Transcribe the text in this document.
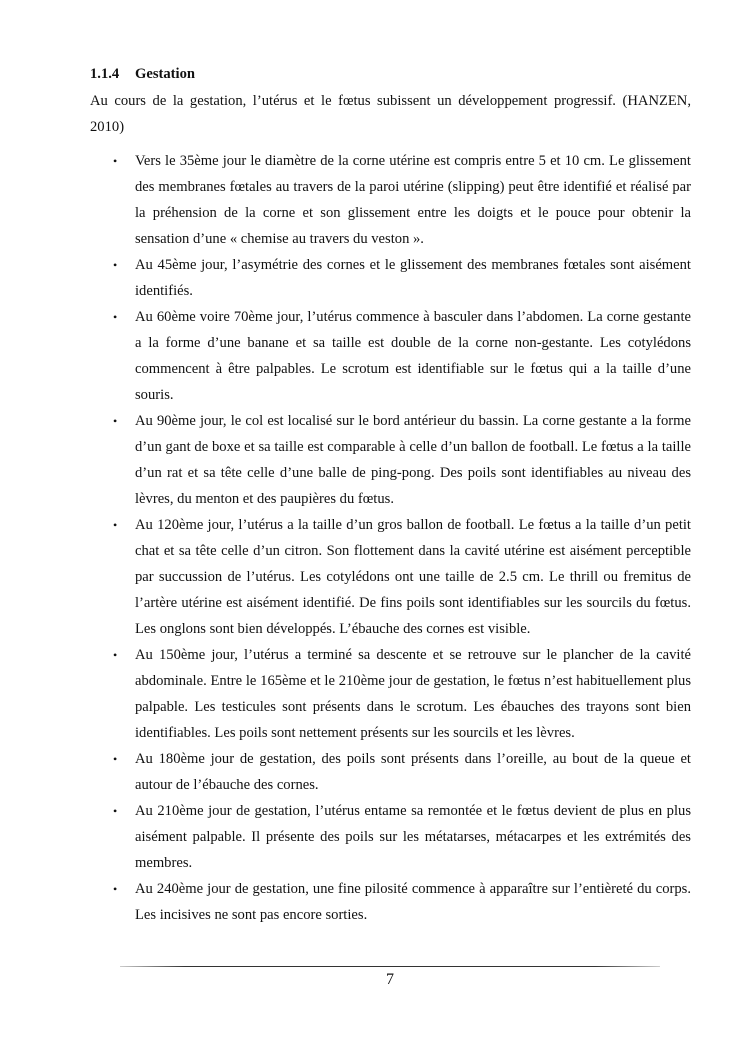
1.1.4	Gestation

Au cours de la gestation, l’utérus et le fœtus subissent un développement progressif. (HANZEN, 2010)

• Vers le 35ème jour le diamètre de la corne utérine est compris entre 5 et 10 cm. Le glissement des membranes fœtales au travers de la paroi utérine (slipping) peut être identifié et réalisé par la préhension de la corne et son glissement entre les doigts et le pouce pour obtenir la sensation d’une « chemise au travers du veston ».
• Au 45ème jour, l’asymétrie des cornes et le glissement des membranes fœtales sont aisément identifiés.
• Au 60ème voire 70ème jour, l’utérus commence à basculer dans l’abdomen. La corne gestante a la forme d’une banane et sa taille est double de la corne non-gestante. Les cotylédons commencent à être palpables. Le scrotum est identifiable sur le fœtus qui a la taille d’une souris.
• Au 90ème jour, le col est localisé sur le bord antérieur du bassin. La corne gestante a la forme d’un gant de boxe et sa taille est comparable à celle d’un ballon de football. Le fœtus a la taille d’un rat et sa tête celle d’une balle de ping-pong. Des poils sont identifiables au niveau des lèvres, du menton et des paupières du fœtus.
• Au 120ème jour, l’utérus a la taille d’un gros ballon de football. Le fœtus a la taille d’un petit chat et sa tête celle d’un citron. Son flottement dans la cavité utérine est aisément perceptible par succussion de l’utérus. Les cotylédons ont une taille de 2.5 cm. Le thrill ou fremitus de l’artère utérine est aisément identifié. De fins poils sont identifiables sur les sourcils du fœtus. Les onglons sont bien développés. L’ébauche des cornes est visible.
• Au 150ème jour, l’utérus a terminé sa descente et se retrouve sur le plancher de la cavité abdominale. Entre le 165ème et le 210ème jour de gestation, le fœtus n’est habituellement plus palpable. Les testicules sont présents dans le scrotum. Les ébauches des trayons sont bien identifiables. Les poils sont nettement présents sur les sourcils et les lèvres.
• Au 180ème jour de gestation, des poils sont présents dans l’oreille, au bout de la queue et autour de l’ébauche des cornes.
• Au 210ème jour de gestation, l’utérus entame sa remontée et le fœtus devient de plus en plus aisément palpable. Il présente des poils sur les métatarses, métacarpes et les extrémités des membres.
• Au 240ème jour de gestation, une fine pilosité commence à apparaître sur l’entièreté du corps. Les incisives ne sont pas encore sorties.
7
